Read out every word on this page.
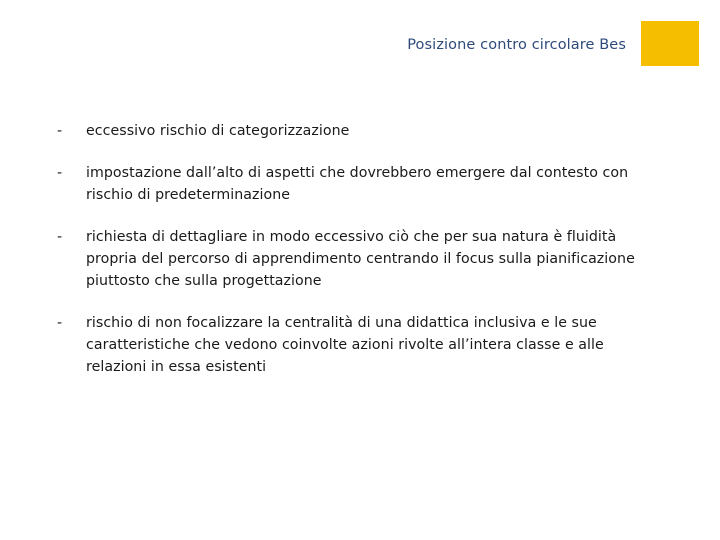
Posizione contro circolare Bes
-	eccessivo rischio di categorizzazione
-	impostazione dall’alto di aspetti che dovrebbero emergere dal contesto con rischio di predeterminazione
-	richiesta di dettagliare in modo eccessivo ciò che per sua natura è fluidità propria del percorso di apprendimento centrando il focus sulla pianificazione piuttosto che sulla progettazione
-	rischio di non focalizzare la centralità di una didattica inclusiva e le sue caratteristiche che vedono coinvolte azioni rivolte all’intera classe e alle relazioni in essa esistenti
